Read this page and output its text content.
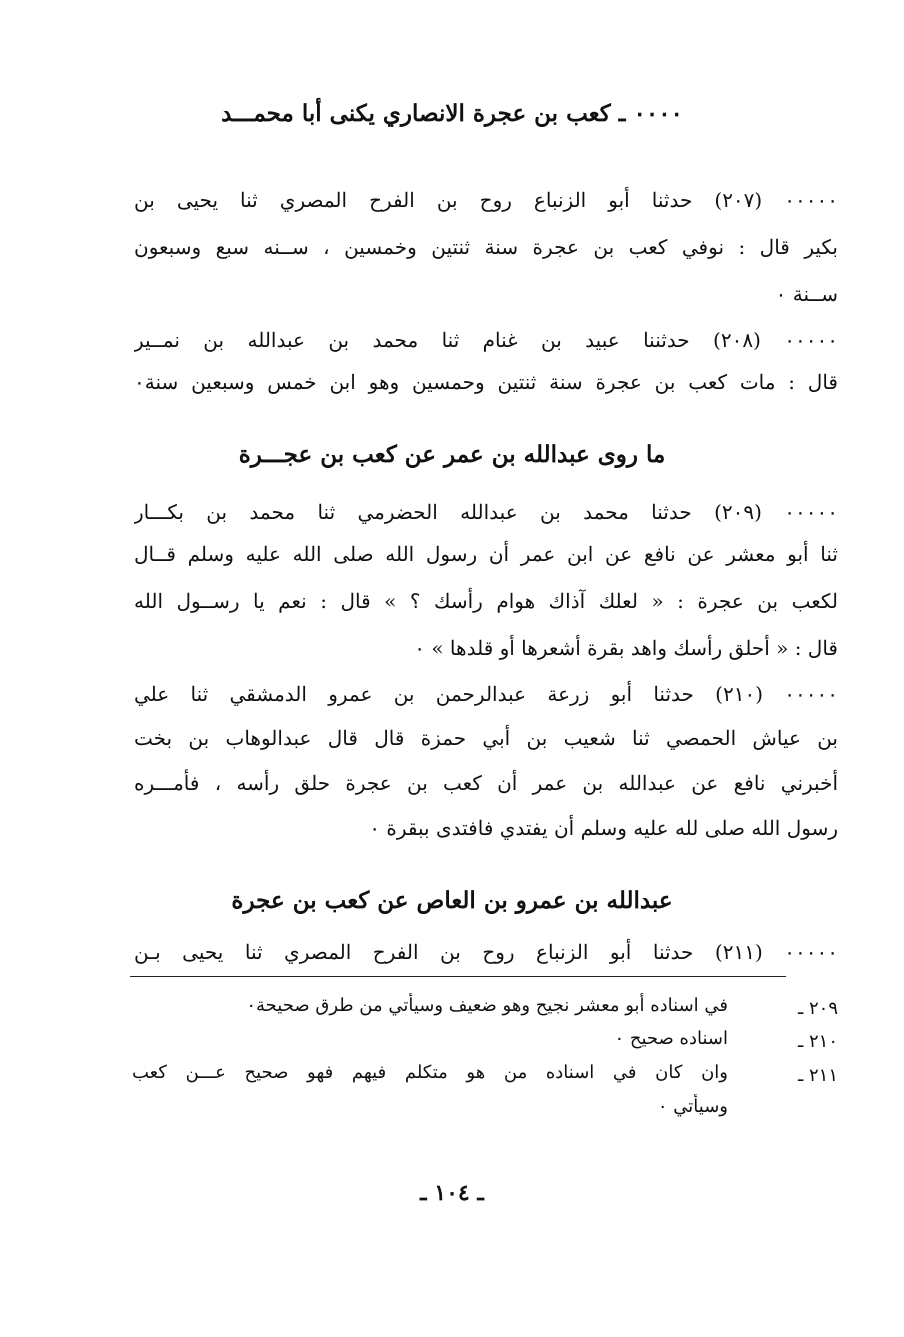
٠٠٠٠ ـ كعب بن عجرة الانصاري يكنى أبا محمـــد
٠٠٠٠٠ (٢٠٧) حدثنا أبو الزنباع روح بن الفرح المصري ثنا يحيى بن
بكير قال : نوفي كعب بن عجرة سنة ثنتين وخمسين ، ســنه سبع وسبعون
ســنة ٠
٠٠٠٠٠ (٢٠٨) حدثننا عبيد بن غنام ثنا محمد بن عبدالله بن نمــير
قال : مات كعب بن عجرة سنة ثنتين وحمسين وهو ابن خمس وسبعين سنة٠
ما روى عبدالله بن عمر عن كعب بن عجـــرة
٠٠٠٠٠ (٢٠٩) حدثنا محمد بن عبدالله الحضرمي ثنا محمد بن بكـــار
ثنا أبو معشر عن نافع عن ابن عمر أن رسول الله صلى الله عليه وسلم قــال
لكعب بن عجرة : « لعلك آذاك هوام رأسك ؟ » قال : نعم يا رســول الله
قال : « أحلق رأسك واهد بقرة أشعرها أو قلدها » ٠
٠٠٠٠٠ (٢١٠) حدثنا أبو زرعة عبدالرحمن بن عمرو الدمشقي ثنا علي
بن عياش الحمصي ثنا شعيب بن أبي حمزة قال قال عبدالوهاب بن بخت
أخبرني نافع عن عبدالله بن عمر أن كعب بن عجرة حلق رأسه ، فأمـــره
رسول الله صلى لله عليه وسلم أن يفتدي فافتدى ببقرة ٠
عبدالله بن عمرو بن العاص عن كعب بن عجرة
٠٠٠٠٠ (٢١١) حدثنا أبو الزنباع روح بن الفرح المصري ثنا يحيى بـن
٢٠٩ ـ
في اسناده أبو معشر نجيح وهو ضعيف وسيأتي من طرق صحيحة٠
٢١٠ ـ
اسناده صحيح ٠
٢١١ ـ
وان كان في اسناده من هو متكلم فيهم فهو صحيح عـــن كعب
وسيأتي ٠
ـ ١٠٤ ـ
